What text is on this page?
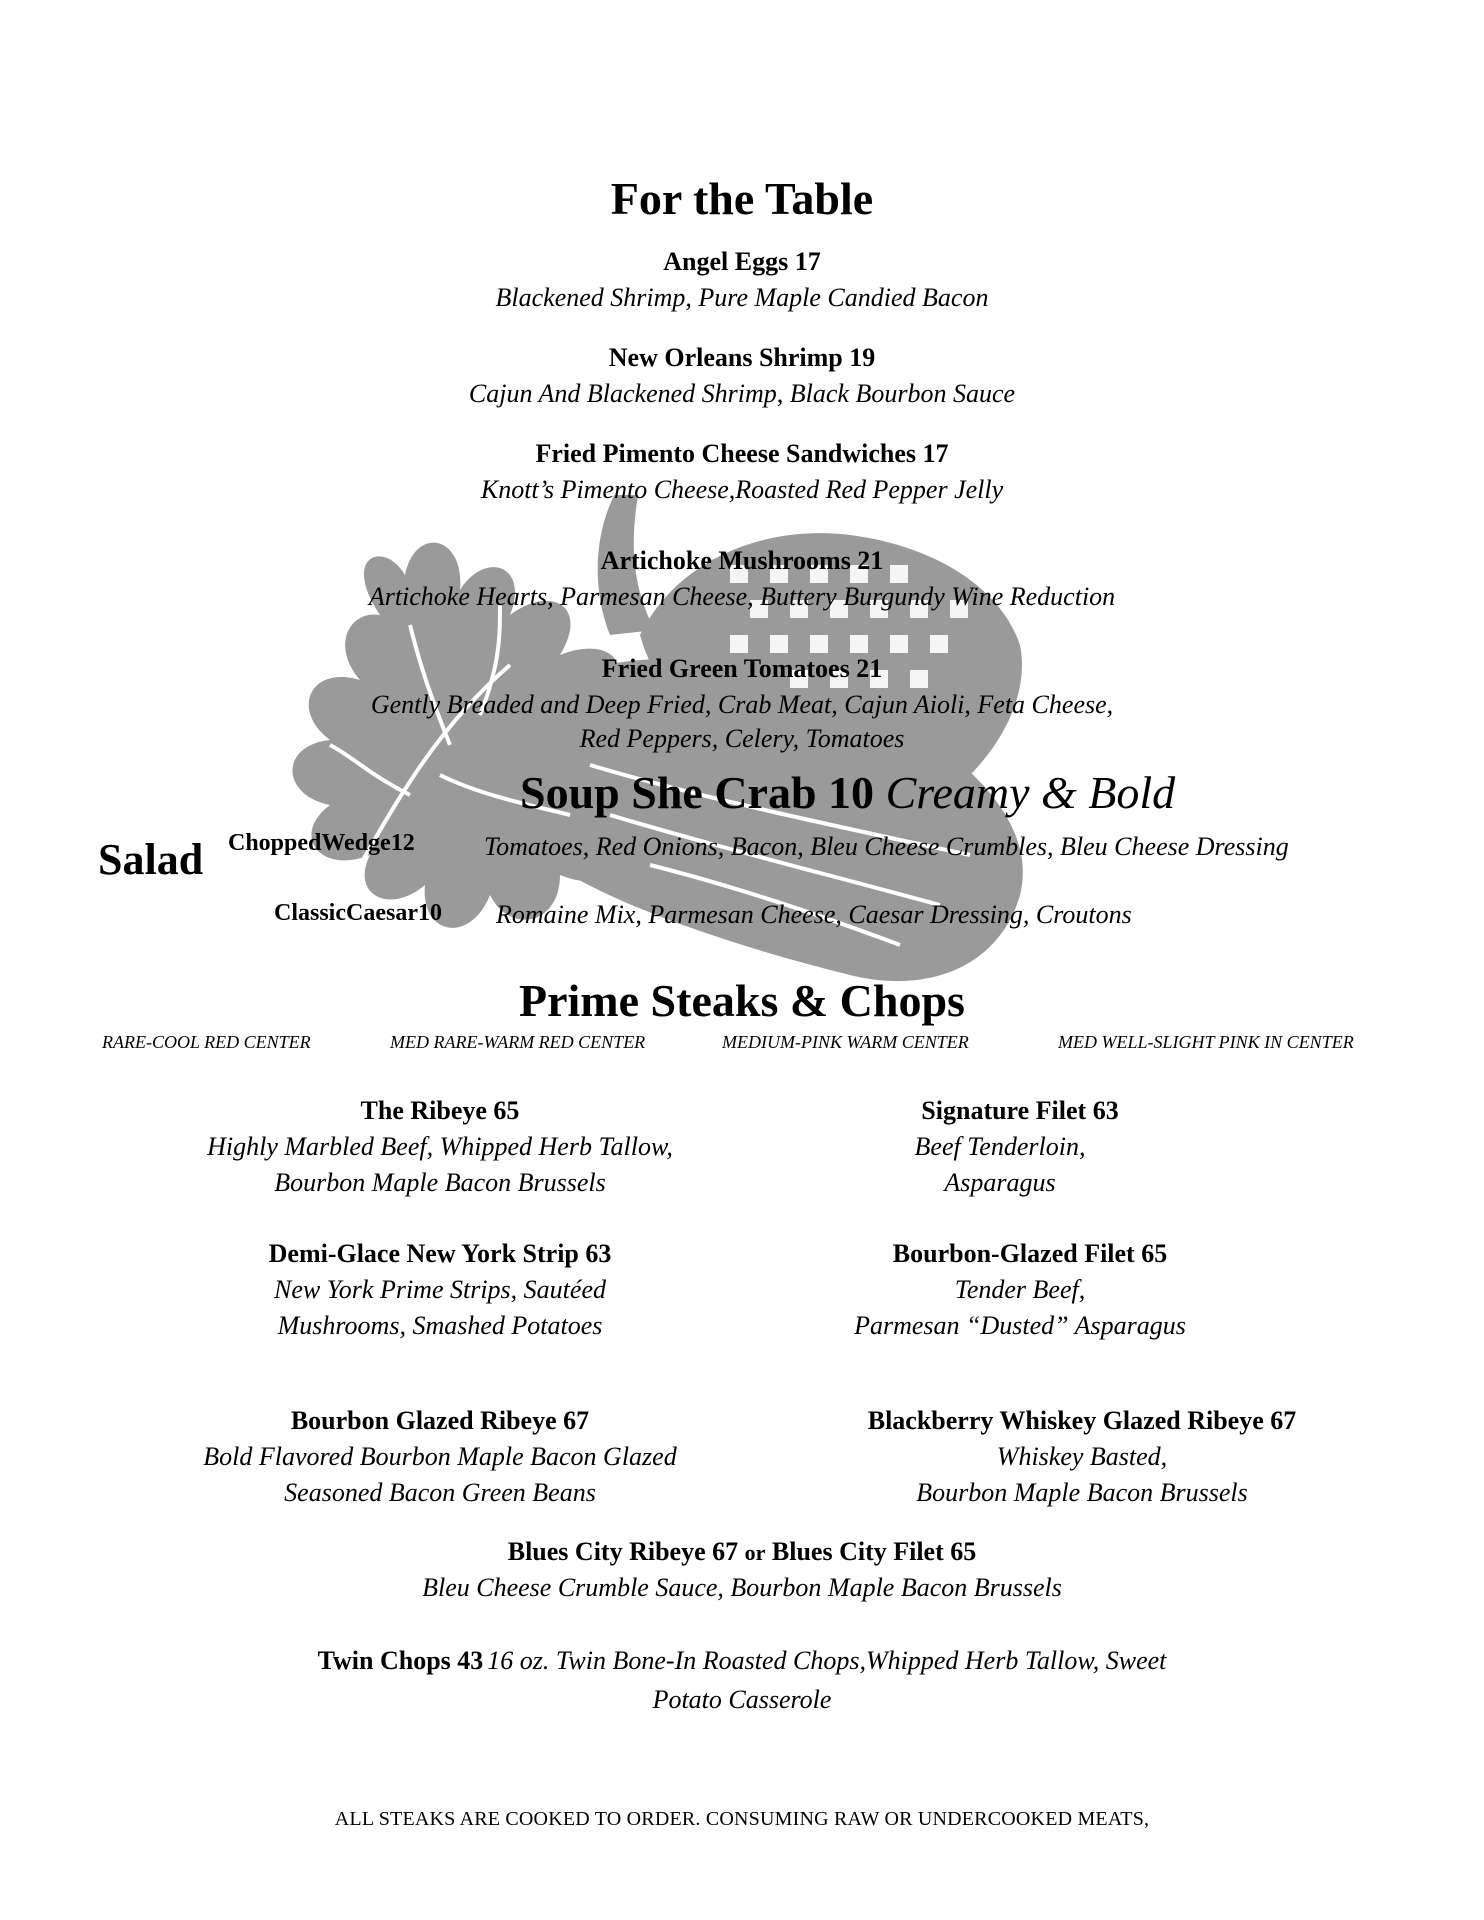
For the Table
Angel Eggs 17
Blackened Shrimp, Pure Maple Candied Bacon
New Orleans Shrimp 19
Cajun And Blackened Shrimp, Black Bourbon Sauce
Fried Pimento Cheese Sandwiches 17
Knott’s Pimento Cheese,Roasted Red Pepper Jelly
Artichoke Mushrooms 21
Artichoke Hearts, Parmesan Cheese, Buttery Burgundy Wine Reduction
Fried Green Tomatoes 21
Gently Breaded and Deep Fried, Crab Meat, Cajun Aioli, Feta Cheese,
Red Peppers, Celery, Tomatoes
Soup She Crab 10 Creamy & Bold
Salad ChoppedWedge12	Tomatoes, Red Onions, Bacon, Bleu Cheese Crumbles, Bleu Cheese Dressing
ClassicCaesar10 Romaine Mix, Parmesan Cheese, Caesar Dressing, Croutons
Prime Steaks & Chops
RARE-COOL RED CENTER	MED RARE-WARM RED CENTER	MEDIUM-PINK WARM CENTER	MED WELL-SLIGHT PINK IN CENTER
The Ribeye 65
Highly Marbled Beef, Whipped Herb Tallow,
Bourbon Maple Bacon Brussels
Demi-Glace New York Strip 63
New York Prime Strips, Sautéed
Mushrooms, Smashed Potatoes
Bourbon Glazed Ribeye 67
Bold Flavored Bourbon Maple Bacon Glazed
Seasoned Bacon Green Beans
Signature Filet 63
Beef Tenderloin,
Asparagus
Bourbon-Glazed Filet 65
Tender Beef,
Parmesan “Dusted” Asparagus
Blackberry Whiskey Glazed Ribeye 67
Whiskey Basted,
Bourbon Maple Bacon Brussels
Blues City Ribeye 67 or Blues City Filet 65
Bleu Cheese Crumble Sauce, Bourbon Maple Bacon Brussels
Twin Chops 43 16 oz. Twin Bone-In Roasted Chops,Whipped Herb Tallow, Sweet
Potato Casserole
ALL STEAKS ARE COOKED TO ORDER. CONSUMING RAW OR UNDERCOOKED MEATS,
